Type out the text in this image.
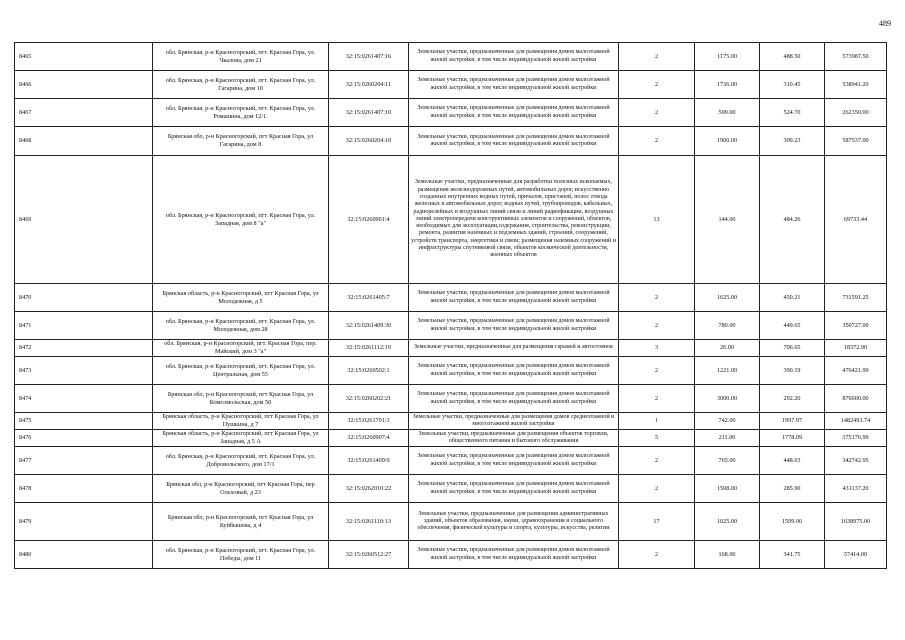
489
8465	обл. Брянская, р-н Красногорский, пгт. Красная Гора, ул. Чкалова, дом 21	32:15:0261407:16	Земельные участки, предназначенные для размещения домов малоэтажной жилой застройки, в том числе индивидуальной жилой застройки	2	1175.00	488.50	573987.50
8466	обл. Брянская, р-н Красногорский, пгт. Красная Гора, ул. Гагарина, дом 10	32:15:0260204:11	Земельные участки, предназначенные для размещения домов малоэтажной жилой застройки, в том числе индивидуальной жилой застройки	2	1736.00	310.45	538941.20
8467	обл. Брянская, р-н Красногорский, пгт. Красная Гора, ул. Ромашина, дом 12/1.	32:15:0261407:10	Земельные участки, предназначенные для размещения домов малоэтажной жилой застройки, в том числе индивидуальной жилой застройки	2	500.00	524.70	262350.00
8468	Брянская обл, р-н Красногорский, пгт Красная Гора, ул Гагарина, дом 8	32:15:0260204:10	Земельные участки, предназначенные для размещения домов малоэтажной жилой застройки, в том числе индивидуальной жилой застройки	2	1900.00	309.23	587537.00
8469	обл. Брянская, р-н Красногорский, пгт. Красная Гора, ул. Западная, дом 8 "а"	32:15:0260901:4	Земельные участки, предназначенные для разработки полезных ископаемых, размещения железнодорожных путей, автомобильных дорог, искусственно созданных внутренних водных путей, причалов, пристаней, полос отвода железных и автомобильных дорог, водных путей, трубопроводов, кабельных, радиорелейных и воздушных линий связи и линий радиофикации, воздушных линий электропередачи конструктивных элементов и сооружений, объектов, необходимых для эксплуатации,содержания, строительства, реконструкции, ремонта, развития наземных и подземных зданий, строений, сооружений, устройств транспорта, энергетики и связи; размещения наземных сооружений и инфраструктуры спутниковой связи, объектов космической деятельности, военных объектов	13	144.00	484.26	69733.44
8470	Брянская область, р-н Красногорский, пгт Красная Гора, ул Молодежная, д 5	32:15:0261405:7	Земельные участки, предназначенные для размещения домов малоэтажной жилой застройки, в том числе индивидуальной жилой застройки	2	1625.00	450.21	731591.25
8471	обл. Брянская, р-н Красногорский, пгт. Красная Гора, ул. Молодежная, дом 28	32:15:0261409:30	Земельные участки, предназначенные для размещения домов малоэтажной жилой застройки, в том числе индивидуальной жилой застройки	2	780.00	449.65	350727.00
8472	обл. Брянская, р-н Красногорский, пгт. Красная Гора, пер. Майский, дом 3 "а"	32:15:0261112:19	Земельные участки, предназначенные для размещения гаражей и автостоянок	3	26.00	706.65	18372.90
8473	обл. Брянская, р-н Красногорский, пгт. Красная Гора, ул. Центральная, дом 55	32:15:0260502:1	Земельные участки, предназначенные для размещения домов малоэтажной жилой застройки, в том числе индивидуальной жилой застройки	2	1221.00	390.19	476421.99
8474	Брянская обл, р-н Красногорский, пгт Красная Гора, ул Комсомольская, дом 50	32:15:0260202:21	Земельные участки, предназначенные для размещения домов малоэтажной жилой застройки, в том числе индивидуальной жилой застройки	2	3000.00	292.20	876600.00
8475	Брянская область, р-н Красногорский, пгт Красная Гора, ул Пушкина, д 7	32:15:0261701:3	Земельные участки, предназначенные для размещения домов среднеэтажной и многоэтажной жилой застройки	1	742.00	1997.97	1482493.74
8476	Брянская область, р-н Красногорский, пгт Красная Гора, ул Западная, д 5 А	32:15:0260907:4	Земельные участки, предназначенные для размещения объектов торговли, общественного питания и бытового обслуживания	5	211.00	1778.09	375176.99
8477	обл. Брянская, р-н Красногорский, пгт. Красная Гора, ул. Добровольского, дом 17/1	32:15:0261409:9	Земельные участки, предназначенные для размещения домов малоэтажной жилой застройки, в том числе индивидуальной жилой застройки	2	765.00	448.03	342742.95
8478	Брянская обл, р-н Красногорский, пгт Красная Гора, пер Ольховый, д 23	32:15:0262010:22	Земельные участки, предназначенные для размещения домов малоэтажной жилой застройки, в том числе индивидуальной жилой застройки	2	1508.00	285.90	431137.20
8479	Брянская обл, р-н Красногорский, пгт Красная Гора, ул Куйбышева, д 4	32:15:0261110:13	Земельные участки, предназначенные для размещения административных зданий, объектов образования, науки, здравоохранения и социального обеспечения, физической культуры и спорта, культуры, искусства, религии	17	1025.00	1599.00	1638975.00
8480	обл. Брянская, р-н Красногорский, пгт. Красная Гора, ул. Победы, дом 11	32:15:0260512:27	Земельные участки, предназначенные для размещения домов малоэтажной жилой застройки, в том числе индивидуальной жилой застройки	2	168.00	341.75	57414.00
